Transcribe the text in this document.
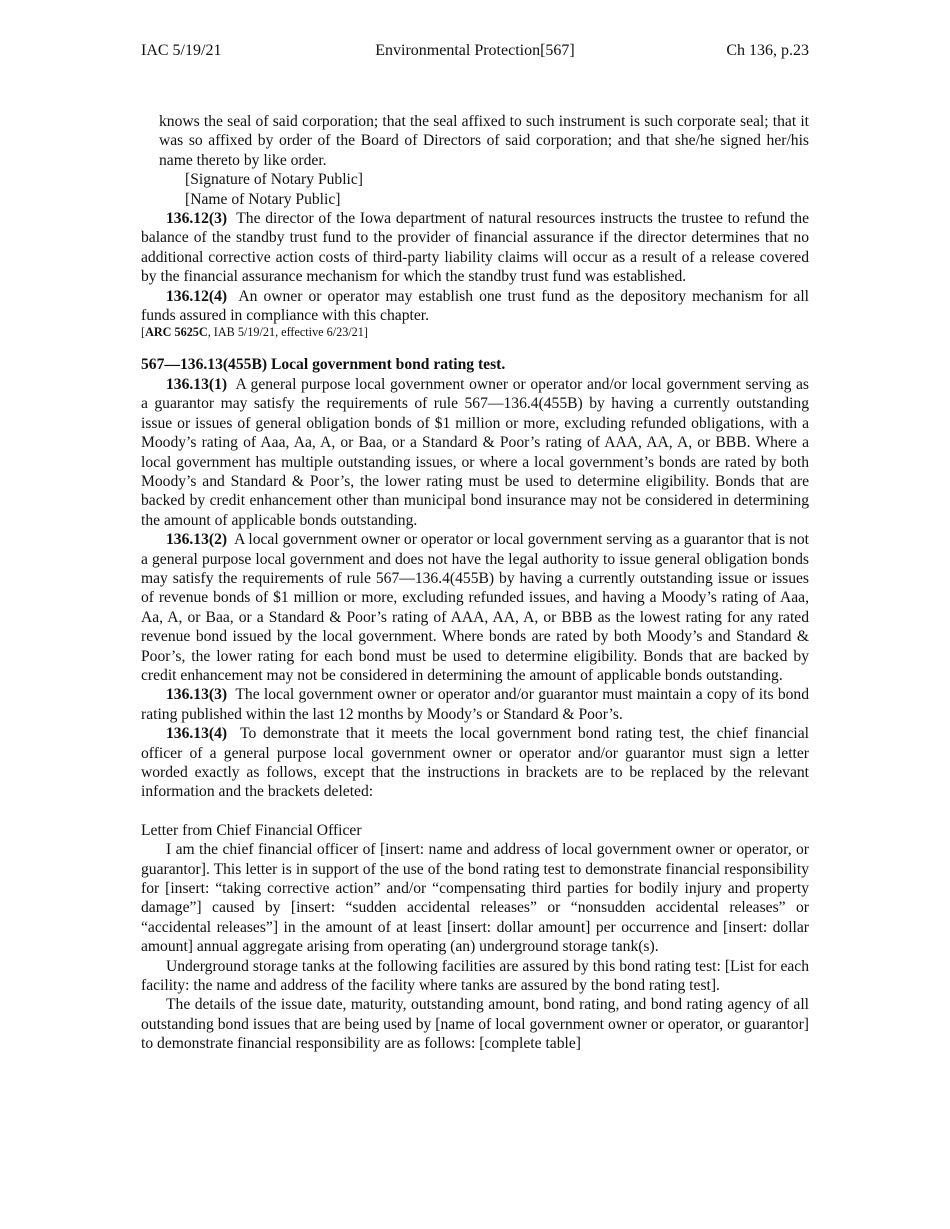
IAC 5/19/21	Environmental Protection[567]	Ch 136, p.23

knows the seal of said corporation; that the seal affixed to such instrument is such corporate seal; that it was so affixed by order of the Board of Directors of said corporation; and that she/he signed her/his name thereto by like order.

[Signature of Notary Public]

[Name of Notary Public]

136.12(3) The director of the Iowa department of natural resources instructs the trustee to refund the balance of the standby trust fund to the provider of financial assurance if the director determines that no additional corrective action costs of third-party liability claims will occur as a result of a release covered by the financial assurance mechanism for which the standby trust fund was established.

136.12(4) An owner or operator may establish one trust fund as the depository mechanism for all funds assured in compliance with this chapter.

[ARC 5625C, IAB 5/19/21, effective 6/23/21]

567—136.13(455B) Local government bond rating test.

136.13(1) A general purpose local government owner or operator and/or local government serving as a guarantor may satisfy the requirements of rule 567—136.4(455B) by having a currently outstanding issue or issues of general obligation bonds of $1 million or more, excluding refunded obligations, with a Moody’s rating of Aaa, Aa, A, or Baa, or a Standard & Poor’s rating of AAA, AA, A, or BBB. Where a local government has multiple outstanding issues, or where a local government’s bonds are rated by both Moody’s and Standard & Poor’s, the lower rating must be used to determine eligibility. Bonds that are backed by credit enhancement other than municipal bond insurance may not be considered in determining the amount of applicable bonds outstanding.

136.13(2) A local government owner or operator or local government serving as a guarantor that is not a general purpose local government and does not have the legal authority to issue general obligation bonds may satisfy the requirements of rule 567—136.4(455B) by having a currently outstanding issue or issues of revenue bonds of $1 million or more, excluding refunded issues, and having a Moody’s rating of Aaa, Aa, A, or Baa, or a Standard & Poor’s rating of AAA, AA, A, or BBB as the lowest rating for any rated revenue bond issued by the local government. Where bonds are rated by both Moody’s and Standard & Poor’s, the lower rating for each bond must be used to determine eligibility. Bonds that are backed by credit enhancement may not be considered in determining the amount of applicable bonds outstanding.

136.13(3) The local government owner or operator and/or guarantor must maintain a copy of its bond rating published within the last 12 months by Moody’s or Standard & Poor’s.

136.13(4) To demonstrate that it meets the local government bond rating test, the chief financial officer of a general purpose local government owner or operator and/or guarantor must sign a letter worded exactly as follows, except that the instructions in brackets are to be replaced by the relevant information and the brackets deleted:

Letter from Chief Financial Officer

I am the chief financial officer of [insert: name and address of local government owner or operator, or guarantor]. This letter is in support of the use of the bond rating test to demonstrate financial responsibility for [insert: “taking corrective action” and/or “compensating third parties for bodily injury and property damage”] caused by [insert: “sudden accidental releases” or “nonsudden accidental releases” or “accidental releases”] in the amount of at least [insert: dollar amount] per occurrence and [insert: dollar amount] annual aggregate arising from operating (an) underground storage tank(s).

Underground storage tanks at the following facilities are assured by this bond rating test: [List for each facility: the name and address of the facility where tanks are assured by the bond rating test].

The details of the issue date, maturity, outstanding amount, bond rating, and bond rating agency of all outstanding bond issues that are being used by [name of local government owner or operator, or guarantor] to demonstrate financial responsibility are as follows: [complete table]
